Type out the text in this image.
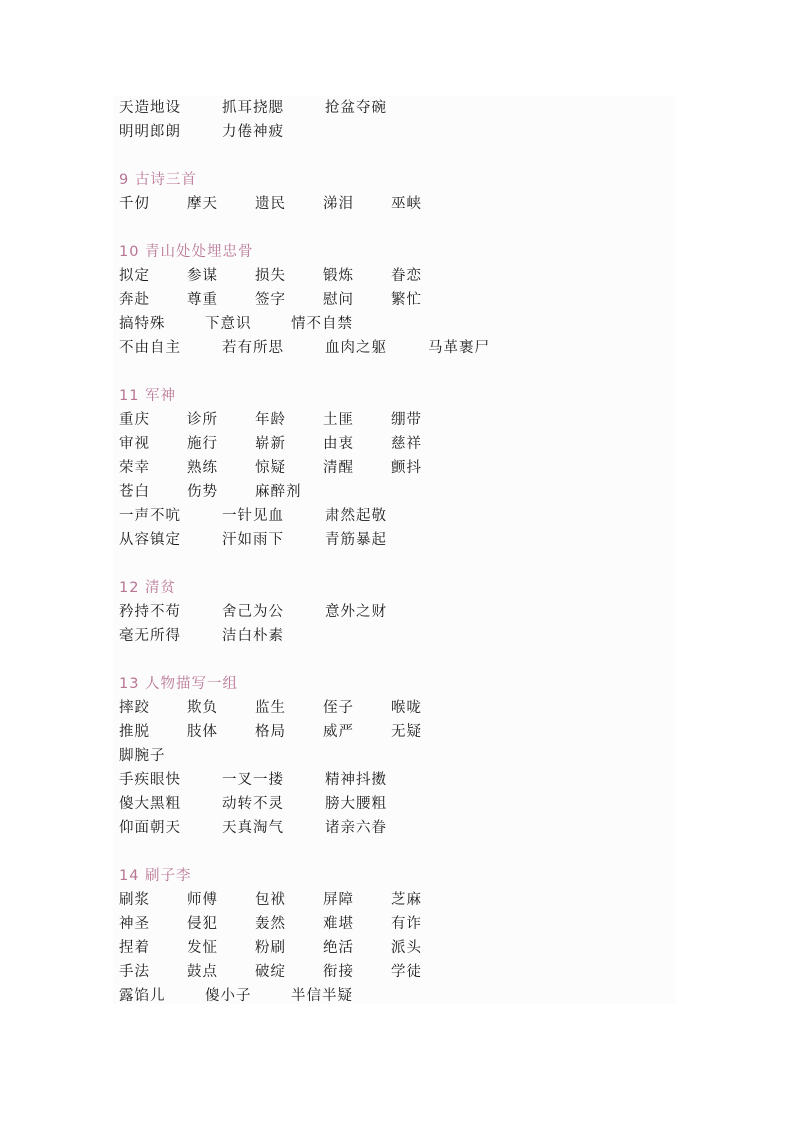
天造地设	抓耳挠腮	抢盆夺碗
明明郎朗	力倦神疲
9 古诗三首
千仞	摩天	遗民	涕泪	巫峡
10 青山处处埋忠骨
拟定	参谋	损失	锻炼	眷恋
奔赴	尊重	签字	慰问	繁忙
搞特殊	下意识	情不自禁
不由自主	若有所思	血肉之躯	马革裹尸
11 军神
重庆	诊所	年龄	土匪	绷带
审视	施行	崭新	由衷	慈祥
荣幸	熟练	惊疑	清醒	颤抖
苍白	伤势	麻醉剂
一声不吭	一针见血	肃然起敬
从容镇定	汗如雨下	青筋暴起
12 清贫
矜持不苟	舍己为公	意外之财
毫无所得	洁白朴素
13 人物描写一组
摔跤	欺负	监生	侄子	喉咙
推脱	肢体	格局	威严	无疑
脚腕子
手疾眼快	一叉一搂	精神抖擞
傻大黑粗	动转不灵	膀大腰粗
仰面朝天	天真淘气	诸亲六眷
14 刷子李
刷浆	师傅	包袱	屏障	芝麻
神圣	侵犯	轰然	难堪	有诈
捏着	发怔	粉刷	绝活	派头
手法	鼓点	破绽	衔接	学徒
露馅儿	傻小子	半信半疑
